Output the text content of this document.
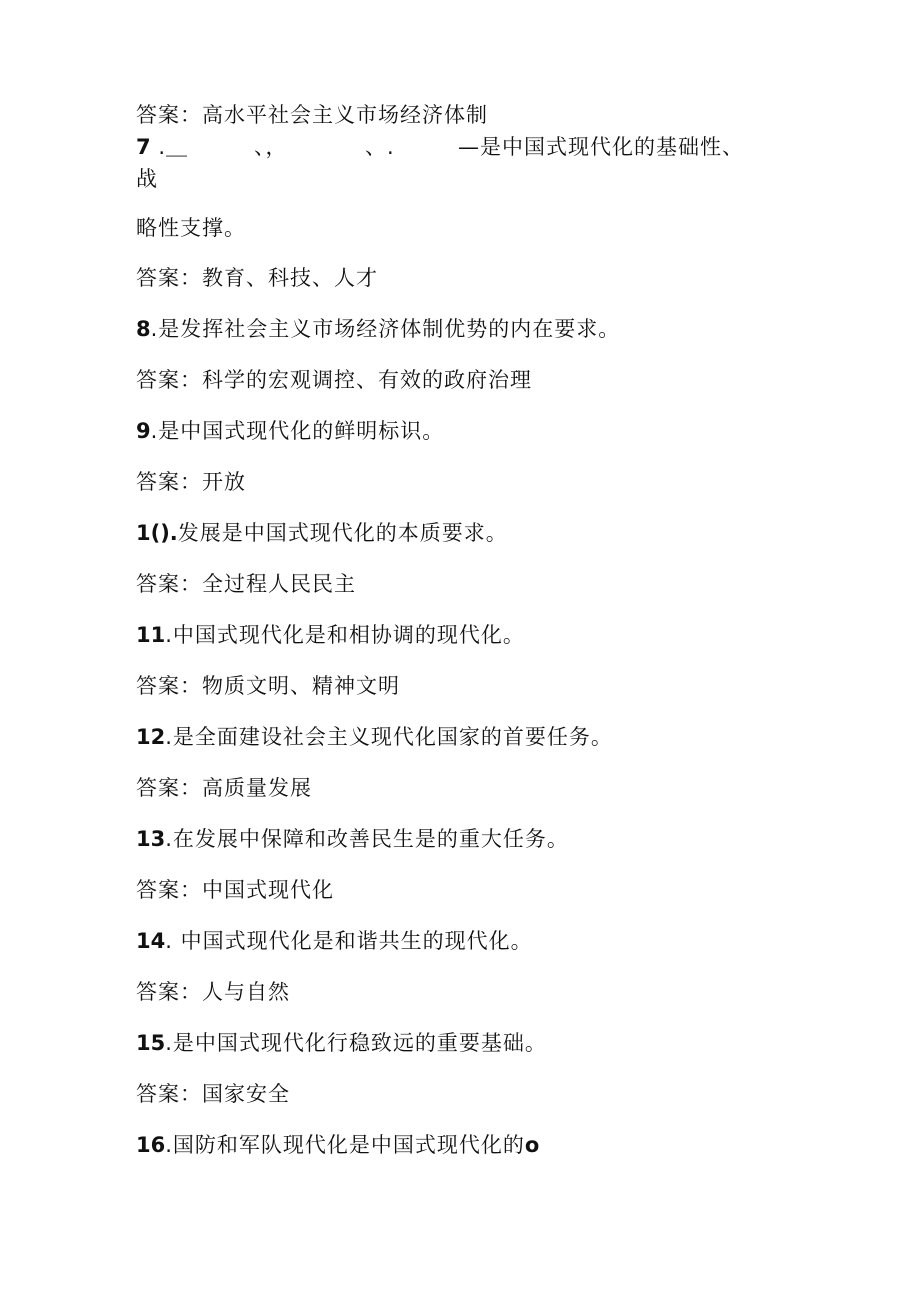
答案：高水平社会主义市场经济体制
7 .＿　　　、，　　　　、.	—是中国式现代化的基础性、
战
略性支撑。
答案：教育、科技、人才
8.是发挥社会主义市场经济体制优势的内在要求。
答案：科学的宏观调控、有效的政府治理
9.是中国式现代化的鲜明标识。
答案：开放
1().发展是中国式现代化的本质要求。
答案：全过程人民民主
11.中国式现代化是和相协调的现代化。
答案：物质文明、精神文明
12.是全面建设社会主义现代化国家的首要任务。
答案：高质量发展
13.在发展中保障和改善民生是的重大任务。
答案：中国式现代化
14. 中国式现代化是和谐共生的现代化。
答案：人与自然
15.是中国式现代化行稳致远的重要基础。
答案：国家安全
16.国防和军队现代化是中国式现代化的o
